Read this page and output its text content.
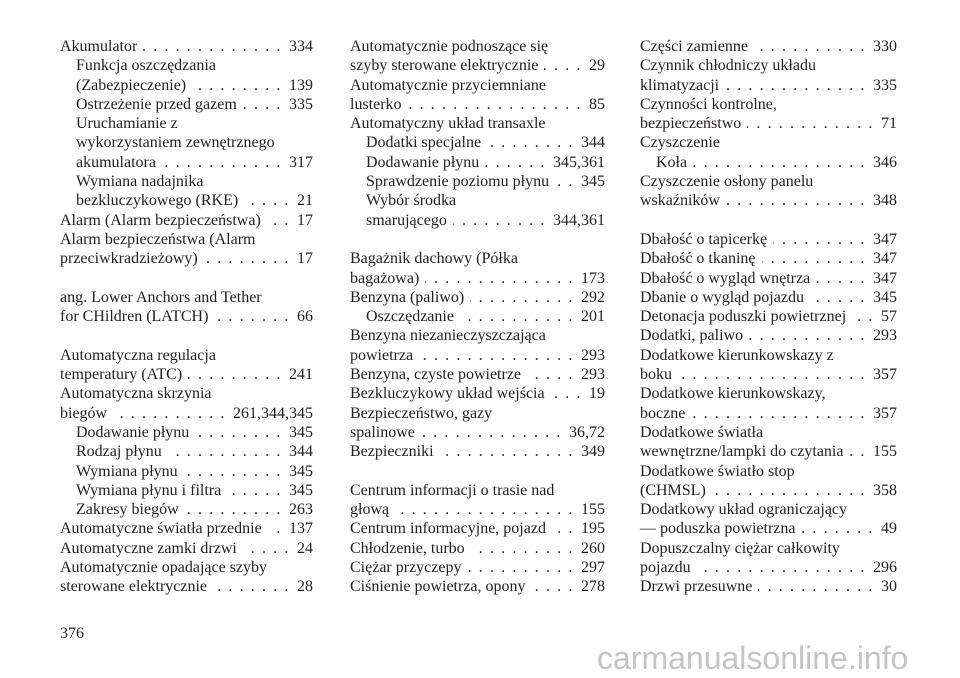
Akumulator . . .	334
Funkcja oszczędzania
(Zabezpieczenie) . . .	139
Ostrzeżenie przed gazem . . .	335
Uruchamianie z
wykorzystaniem zewnętrznego
akumulatora . . .	317
Wymiana nadajnika
bezkluczykowego (RKE) . . .	21
Alarm (Alarm bezpieczeństwa) . . . 17
Alarm bezpieczeństwa (Alarm
przeciwkradzieżowy) . . .	17
ang. Lower Anchors and Tether
for CHildren (LATCH) . . .	66
Automatyczna regulacja
temperatury (ATC) . . .	241
Automatyczna skrzynia
biegów . . .	261,344,345
Dodawanie płynu . . .	345
Rodzaj płynu . . .	344
Wymiana płynu . . .	345
Wymiana płynu i filtra . . .	345
Zakresy biegów . . .	263
Automatyczne światła przednie . . . 137
Automatyczne zamki drzwi . . .	24
Automatycznie opadające szyby
sterowane elektrycznie . . .	28
Automatycznie podnoszące się
szyby sterowane elektrycznie . . .	29
Automatycznie przyciemniane
lusterko . . .	85
Automatyczny układ transaxle
Dodatki specjalne . . .	344
Dodawanie płynu . . .	345,361
Sprawdzenie poziomu płynu . . . 345
Wybór środka
smarującego . . .	344,361
Bagażnik dachowy (Półka
bagażowa) . . .	173
Benzyna (paliwo) . . .	292
Oszczędzanie . . .	201
Benzyna niezanieczyszczająca
powietrza . . .	293
Benzyna, czyste powietrze . . .	293
Bezkluczykowy układ wejścia . . .	19
Bezpieczeństwo, gazy
spalinowe . . .	36,72
Bezpieczniki . . .	349
Centrum informacji o trasie nad
głową . . .	155
Centrum informacyjne, pojazd . . . 195
Chłodzenie, turbo . . .	260
Ciężar przyczepy . . .	297
Ciśnienie powietrza, opony . . .	278
Części zamienne . . .	330
Czynnik chłodniczy układu
klimatyzacji . . .	335
Czynności kontrolne,
bezpieczeństwo . . .	71
Czyszczenie
Koła . . .	346
Czyszczenie osłony panelu
wskaźników . . .	348
Dbałość o tapicerkę . . .	347
Dbałość o tkaninę . . .	347
Dbałość o wygląd wnętrza . . .	347
Dbanie o wygląd pojazdu . . .	345
Detonacja poduszki powietrznej . . . 57
Dodatki, paliwo . . .	293
Dodatkowe kierunkowskazy z
boku . . .	357
Dodatkowe kierunkowskazy,
boczne . . .	357
Dodatkowe światła
wewnętrzne/lampki do czytania . . . 155
Dodatkowe światło stop
(CHMSL) . . .	358
Dodatkowy układ ograniczający
— poduszka powietrzna . . .	49
Dopuszczalny ciężar całkowity
pojazdu . . .	296
Drzwi przesuwne . . .	30
376
carmanualsonline.info
